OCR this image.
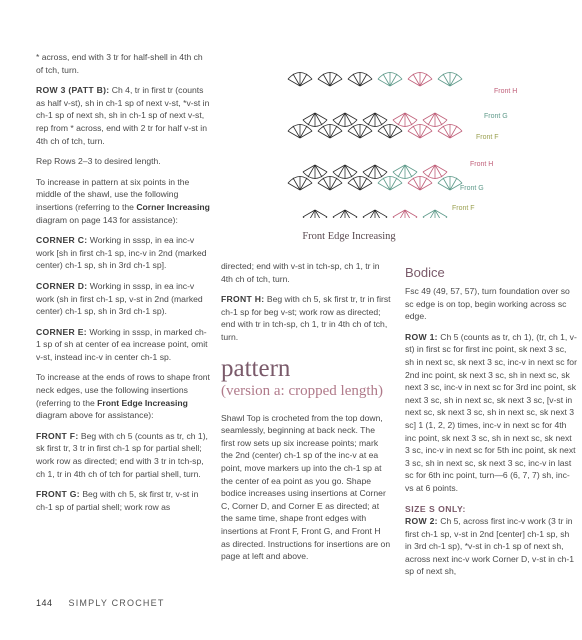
* across, end with 3 tr for half-shell in 4th ch of tch, turn.

ROW 3 (PATT B): Ch 4, tr in first tr (counts as half v-st), sh in ch-1 sp of next v-st, *v-st in ch-1 sp of next sh, sh in ch-1 sp of next v-st, rep from * across, end with 2 tr for half v-st in 4th ch of tch, turn.

Rep Rows 2–3 to desired length.

To increase in pattern at six points in the middle of the shawl, use the following insertions (referring to the Corner Increasing diagram on page 143 for assistance):

CORNER C: Working in sssp, in ea inc-v work [sh in first ch-1 sp, inc-v in 2nd (marked center) ch-1 sp, sh in 3rd ch-1 sp].

CORNER D: Working in sssp, in ea inc-v work (sh in first ch-1 sp, v-st in 2nd (marked center) ch-1 sp, sh in 3rd ch-1 sp).

CORNER E: Working in sssp, in marked ch-1 sp of sh at center of ea increase point, omit v-st, instead inc-v in center ch-1 sp.

To increase at the ends of rows to shape front neck edges, use the following insertions (referring to the Front Edge Increasing diagram above for assistance):

FRONT F: Beg with ch 5 (counts as tr, ch 1), sk first tr, 3 tr in first ch-1 sp for partial shell; work row as directed; end with 3 tr in tch-sp, ch 1, tr in 4th ch of tch for partial shell, turn.

FRONT G: Beg with ch 5, sk first tr, v-st in ch-1 sp of partial shell; work row as

Front H
Front G
Front F
Front H
Front G
Front F
Front Edge Increasing

directed; end with v-st in tch-sp, ch 1, tr in 4th ch of tch, turn.

FRONT H: Beg with ch 5, sk first tr, tr in first ch-1 sp for beg v-st; work row as directed; end with tr in tch-sp, ch 1, tr in 4th ch of tch, turn.

pattern
(version a: cropped length)

Shawl Top is crocheted from the top down, seamlessly, beginning at back neck. The first row sets up six increase points; mark the 2nd (center) ch-1 sp of the inc-v at ea point, move markers up into the ch-1 sp at the center of ea point as you go. Shape bodice increases using insertions at Corner C, Corner D, and Corner E as directed; at the same time, shape front edges with insertions at Front F, Front G, and Front H as directed. Instructions for insertions are on page at left and above.

Bodice

Fsc 49 (49, 57, 57), turn foundation over so sc edge is on top, begin working across sc edge.

ROW 1: Ch 5 (counts as tr, ch 1), (tr, ch 1, v-st) in first sc for first inc point, sk next 3 sc, sh in next sc, sk next 3 sc, inc-v in next sc for 2nd inc point, sk next 3 sc, sh in next sc, sk next 3 sc, inc-v in next sc for 3rd inc point, sk next 3 sc, sh in next sc, sk next 3 sc, [v-st in next sc, sk next 3 sc, sh in next sc, sk next 3 sc] 1 (1, 2, 2) times, inc-v in next sc for 4th inc point, sk next 3 sc, sh in next sc, sk next 3 sc, inc-v in next sc for 5th inc point, sk next 3 sc, sh in next sc, sk next 3 sc, inc-v in last sc for 6th inc point, turn—6 (6, 7, 7) sh, inc-vs at 6 points.

SIZE S ONLY:

ROW 2: Ch 5, across first inc-v work (3 tr in first ch-1 sp, v-st in 2nd [center] ch-1 sp, sh in 3rd ch-1 sp), *v-st in ch-1 sp of next sh, across next inc-v work Corner D, v-st in ch-1 sp of next sh,

144 SIMPLY CROCHET
